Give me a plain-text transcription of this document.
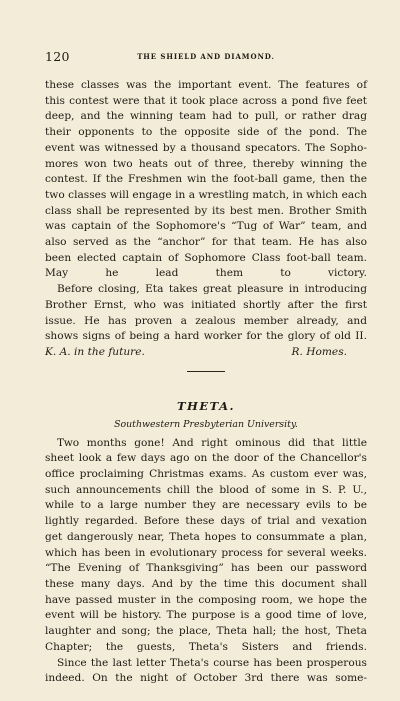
120	THE SHIELD AND DIAMOND.
these classes was the important event. The features of
this contest were that it took place across a pond five feet
deep, and the winning team had to pull, or rather drag
their opponents to the opposite side of the pond. The
event was witnessed by a thousand specators. The Sopho-
mores won two heats out of three, thereby winning the
contest. If the Freshmen win the foot-ball game, then the
two classes will engage in a wrestling match, in which each
class shall be represented by its best men. Brother Smith
was captain of the Sophomore's “Tug of War” team, and
also served as the “anchor” for that team. He has also
been elected captain of Sophomore Class foot-ball team.
May he lead them to victory.
Before closing, Eta takes great pleasure in introducing
Brother Ernst, who was initiated shortly after the first
issue. He has proven a zealous member already, and
shows signs of being a hard worker for the glory of old II.
K. A. in the future.	R. Homes.
THETA.
Southwestern Presbyterian University.
Two months gone! And right ominous did that little
sheet look a few days ago on the door of the Chancellor's
office proclaiming Christmas exams. As custom ever was,
such announcements chill the blood of some in S. P. U.,
while to a large number they are necessary evils to be
lightly regarded. Before these days of trial and vexation
get dangerously near, Theta hopes to consummate a plan,
which has been in evolutionary process for several weeks.
“The Evening of Thanksgiving” has been our password
these many days. And by the time this document shall
have passed muster in the composing room, we hope the
event will be history. The purpose is a good time of love,
laughter and song; the place, Theta hall; the host, Theta
Chapter; the guests, Theta's Sisters and friends.
Since the last letter Theta's course has been prosperous
indeed. On the night of October 3rd there was some-
